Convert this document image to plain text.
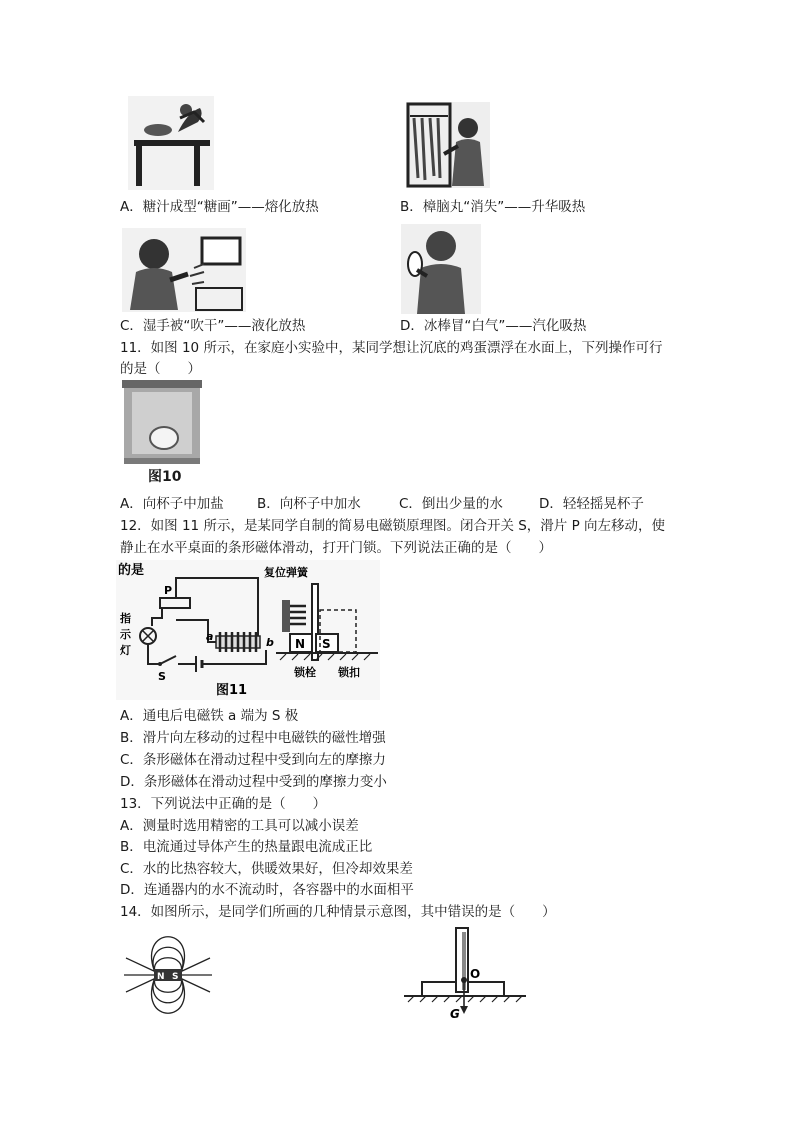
A．糖汁成型“糖画”——熔化放热	B．樟脑丸“消失”——升华吸热
C．湿手被“吹干”——液化放热	D．冰棒冒“白气”——汽化吸热
11．如图 10 所示，在家庭小实验中，某同学想让沉底的鸡蛋漂浮在水面上，下列操作可行
的是（　　）
图10
A．向杯子中加盐 B．向杯子中加水	C．倒出少量的水	D．轻轻摇晃杯子
12．如图 11 所示，是某同学自制的简易电磁锁原理图。闭合开关 S，滑片 P 向左移动，使
静止在水平桌面的条形磁体滑动，打开门锁。下列说法正确的是（　　）
的是
P
指
示
灯
S
a	b
复位弹簧
N S
锁栓 锁扣
图11
A．通电后电磁铁 a 端为 S 极
B．滑片向左移动的过程中电磁铁的磁性增强
C．条形磁体在滑动过程中受到向左的摩擦力
D．条形磁体在滑动过程中受到的摩擦力变小
13．下列说法中正确的是（　　）
A．测量时选用精密的工具可以减小误差
B．电流通过导体产生的热量跟电流成正比
C．水的比热容较大，供暖效果好，但冷却效果差
D．连通器内的水不流动时，各容器中的水面相平
14．如图所示，是同学们所画的几种情景示意图，其中错误的是（　　）
N S	O
G
